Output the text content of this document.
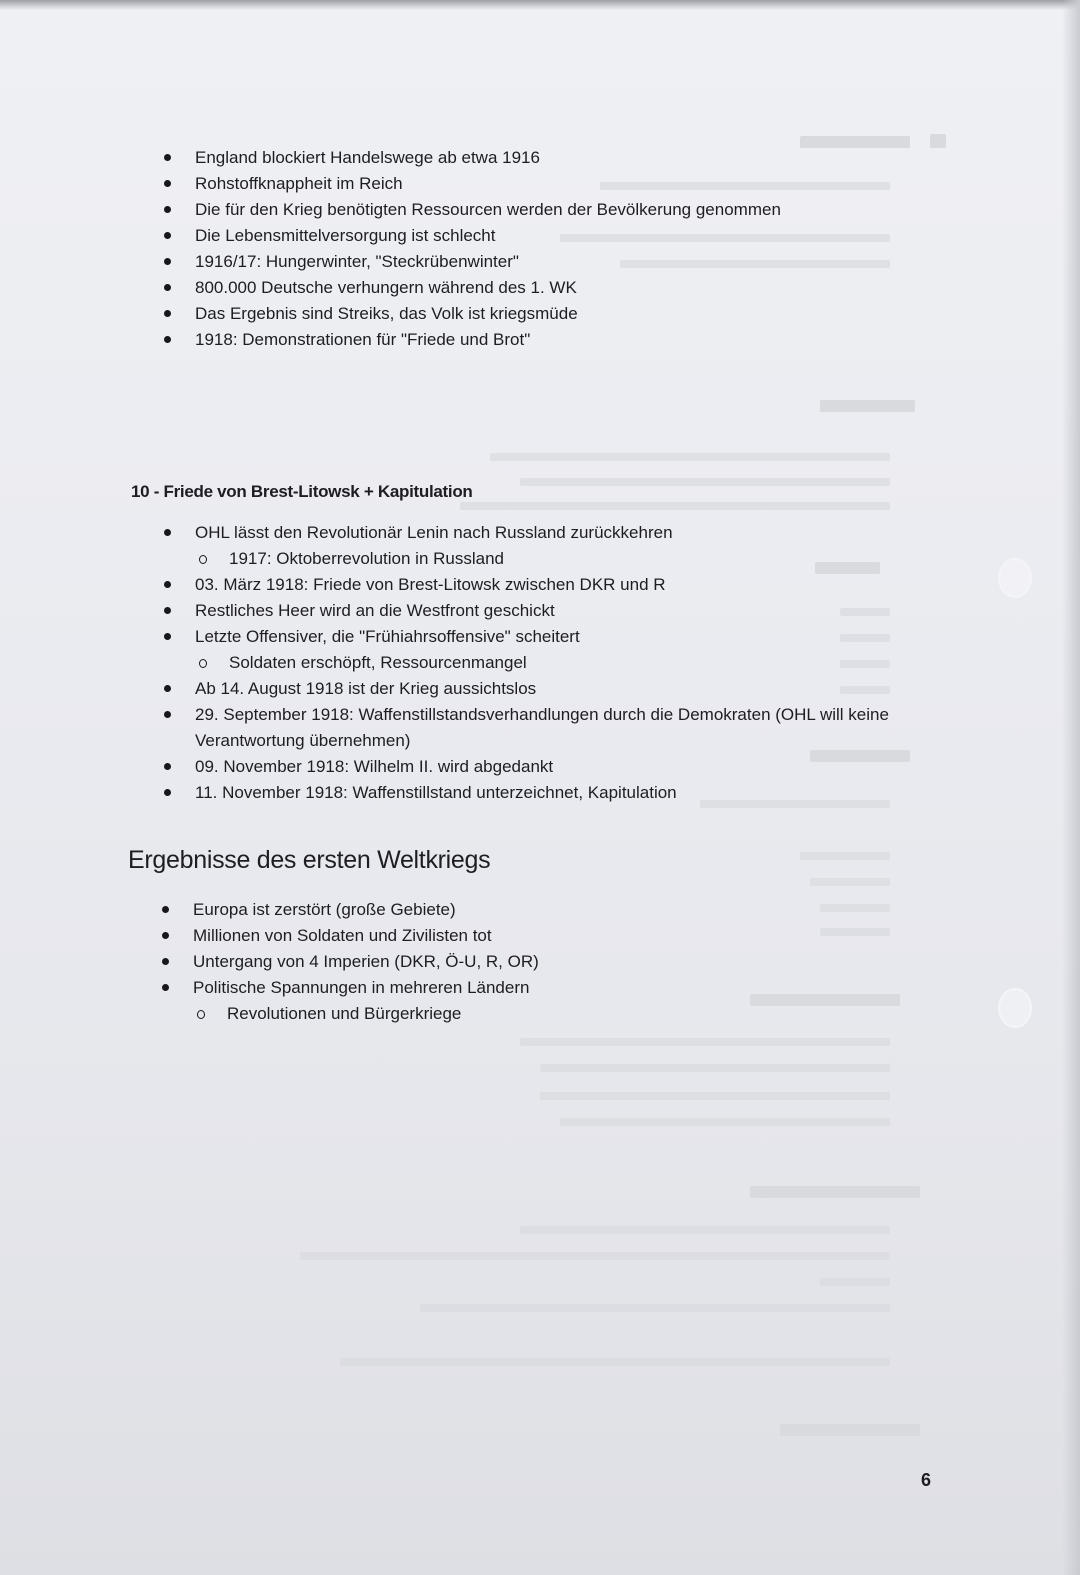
England blockiert Handelswege ab etwa 1916
Rohstoffknappheit im Reich
Die für den Krieg benötigten Ressourcen werden der Bevölkerung genommen
Die Lebensmittelversorgung ist schlecht
1916/17: Hungerwinter, "Steckrübenwinter"
800.000 Deutsche verhungern während des 1. WK
Das Ergebnis sind Streiks, das Volk ist kriegsmüde
1918: Demonstrationen für "Friede und Brot"
10 - Friede von Brest-Litowsk + Kapitulation
OHL lässt den Revolutionär Lenin nach Russland zurückkehren
1917: Oktoberrevolution in Russland
03. März 1918: Friede von Brest-Litowsk zwischen DKR und R
Restliches Heer wird an die Westfront geschickt
Letzte Offensiver, die "Frühiahrsoffensive" scheitert
Soldaten erschöpft, Ressourcenmangel
Ab 14. August 1918 ist der Krieg aussichtslos
29. September 1918: Waffenstillstandsverhandlungen durch die Demokraten (OHL will keine Verantwortung übernehmen)
09. November 1918: Wilhelm II. wird abgedankt
11. November 1918: Waffenstillstand unterzeichnet, Kapitulation
Ergebnisse des ersten Weltkriegs
Europa ist zerstört (große Gebiete)
Millionen von Soldaten und Zivilisten tot
Untergang von 4 Imperien (DKR, Ö-U, R, OR)
Politische Spannungen in mehreren Ländern
Revolutionen und Bürgerkriege
6
